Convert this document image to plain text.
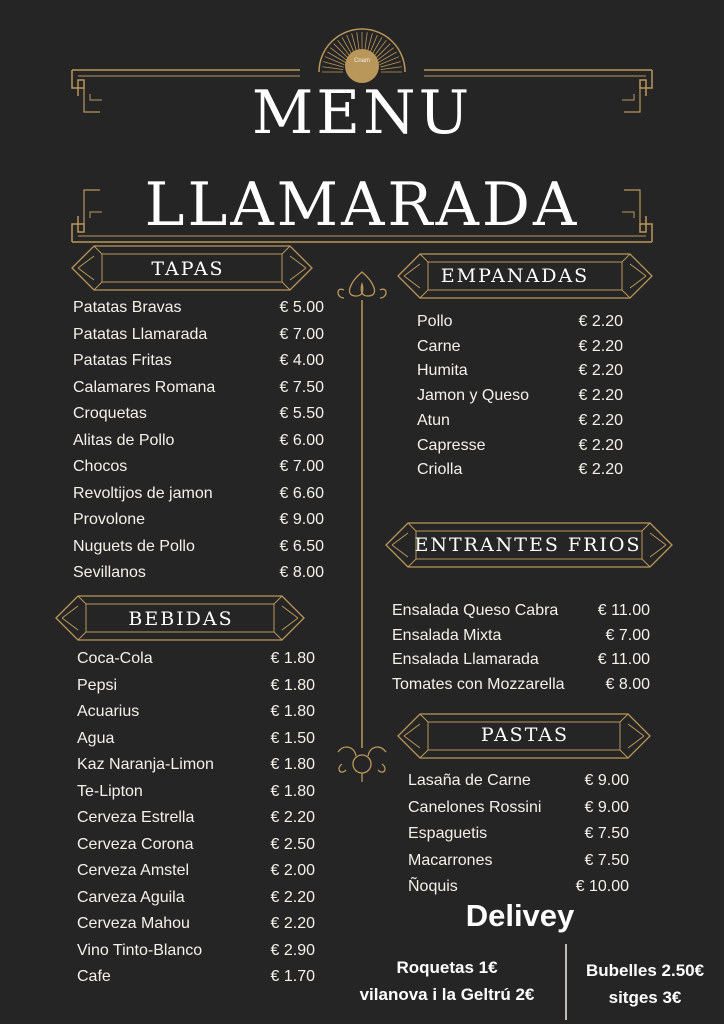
Cnam
MENU
LLAMARADA
TAPAS
BEBIDAS
EMPANADAS
ENTRANTES FRIOS
PASTAS
Patatas Bravas	€ 5.00
Patatas Llamarada	€ 7.00
Patatas Fritas	€ 4.00
Calamares Romana	€ 7.50
Croquetas	€ 5.50
Alitas de Pollo	€ 6.00
Chocos	€ 7.00
Revoltijos de jamon	€ 6.60
Provolone	€ 9.00
Nuguets de Pollo	€ 6.50
Sevillanos	€ 8.00
Coca-Cola	€ 1.80
Pepsi	€ 1.80
Acuarius	€ 1.80
Agua	€ 1.50
Kaz Naranja-Limon	€ 1.80
Te-Lipton	€ 1.80
Cerveza Estrella	€ 2.20
Cerveza Corona	€ 2.50
Cerveza Amstel	€ 2.00
Carveza Aguila	€ 2.20
Cerveza Mahou	€ 2.20
Vino Tinto-Blanco	€ 2.90
Cafe	€ 1.70
Pollo	€ 2.20
Carne	€ 2.20
Humita	€ 2.20
Jamon y Queso	€ 2.20
Atun	€ 2.20
Capresse	€ 2.20
Criolla	€ 2.20
Ensalada Queso Cabra € 11.00
Ensalada Mixta	€ 7.00
Ensalada Llamarada	€ 11.00
Tomates con Mozzarella	€ 8.00
Lasaña de Carne	€ 9.00
Canelones Rossini	€ 9.00
Espaguetis	€ 7.50
Macarrones	€ 7.50
Ñoquis	€ 10.00
Delivey
Roquetas 1€
vilanova i la Geltrú 2€
Bubelles 2.50€
sitges 3€
